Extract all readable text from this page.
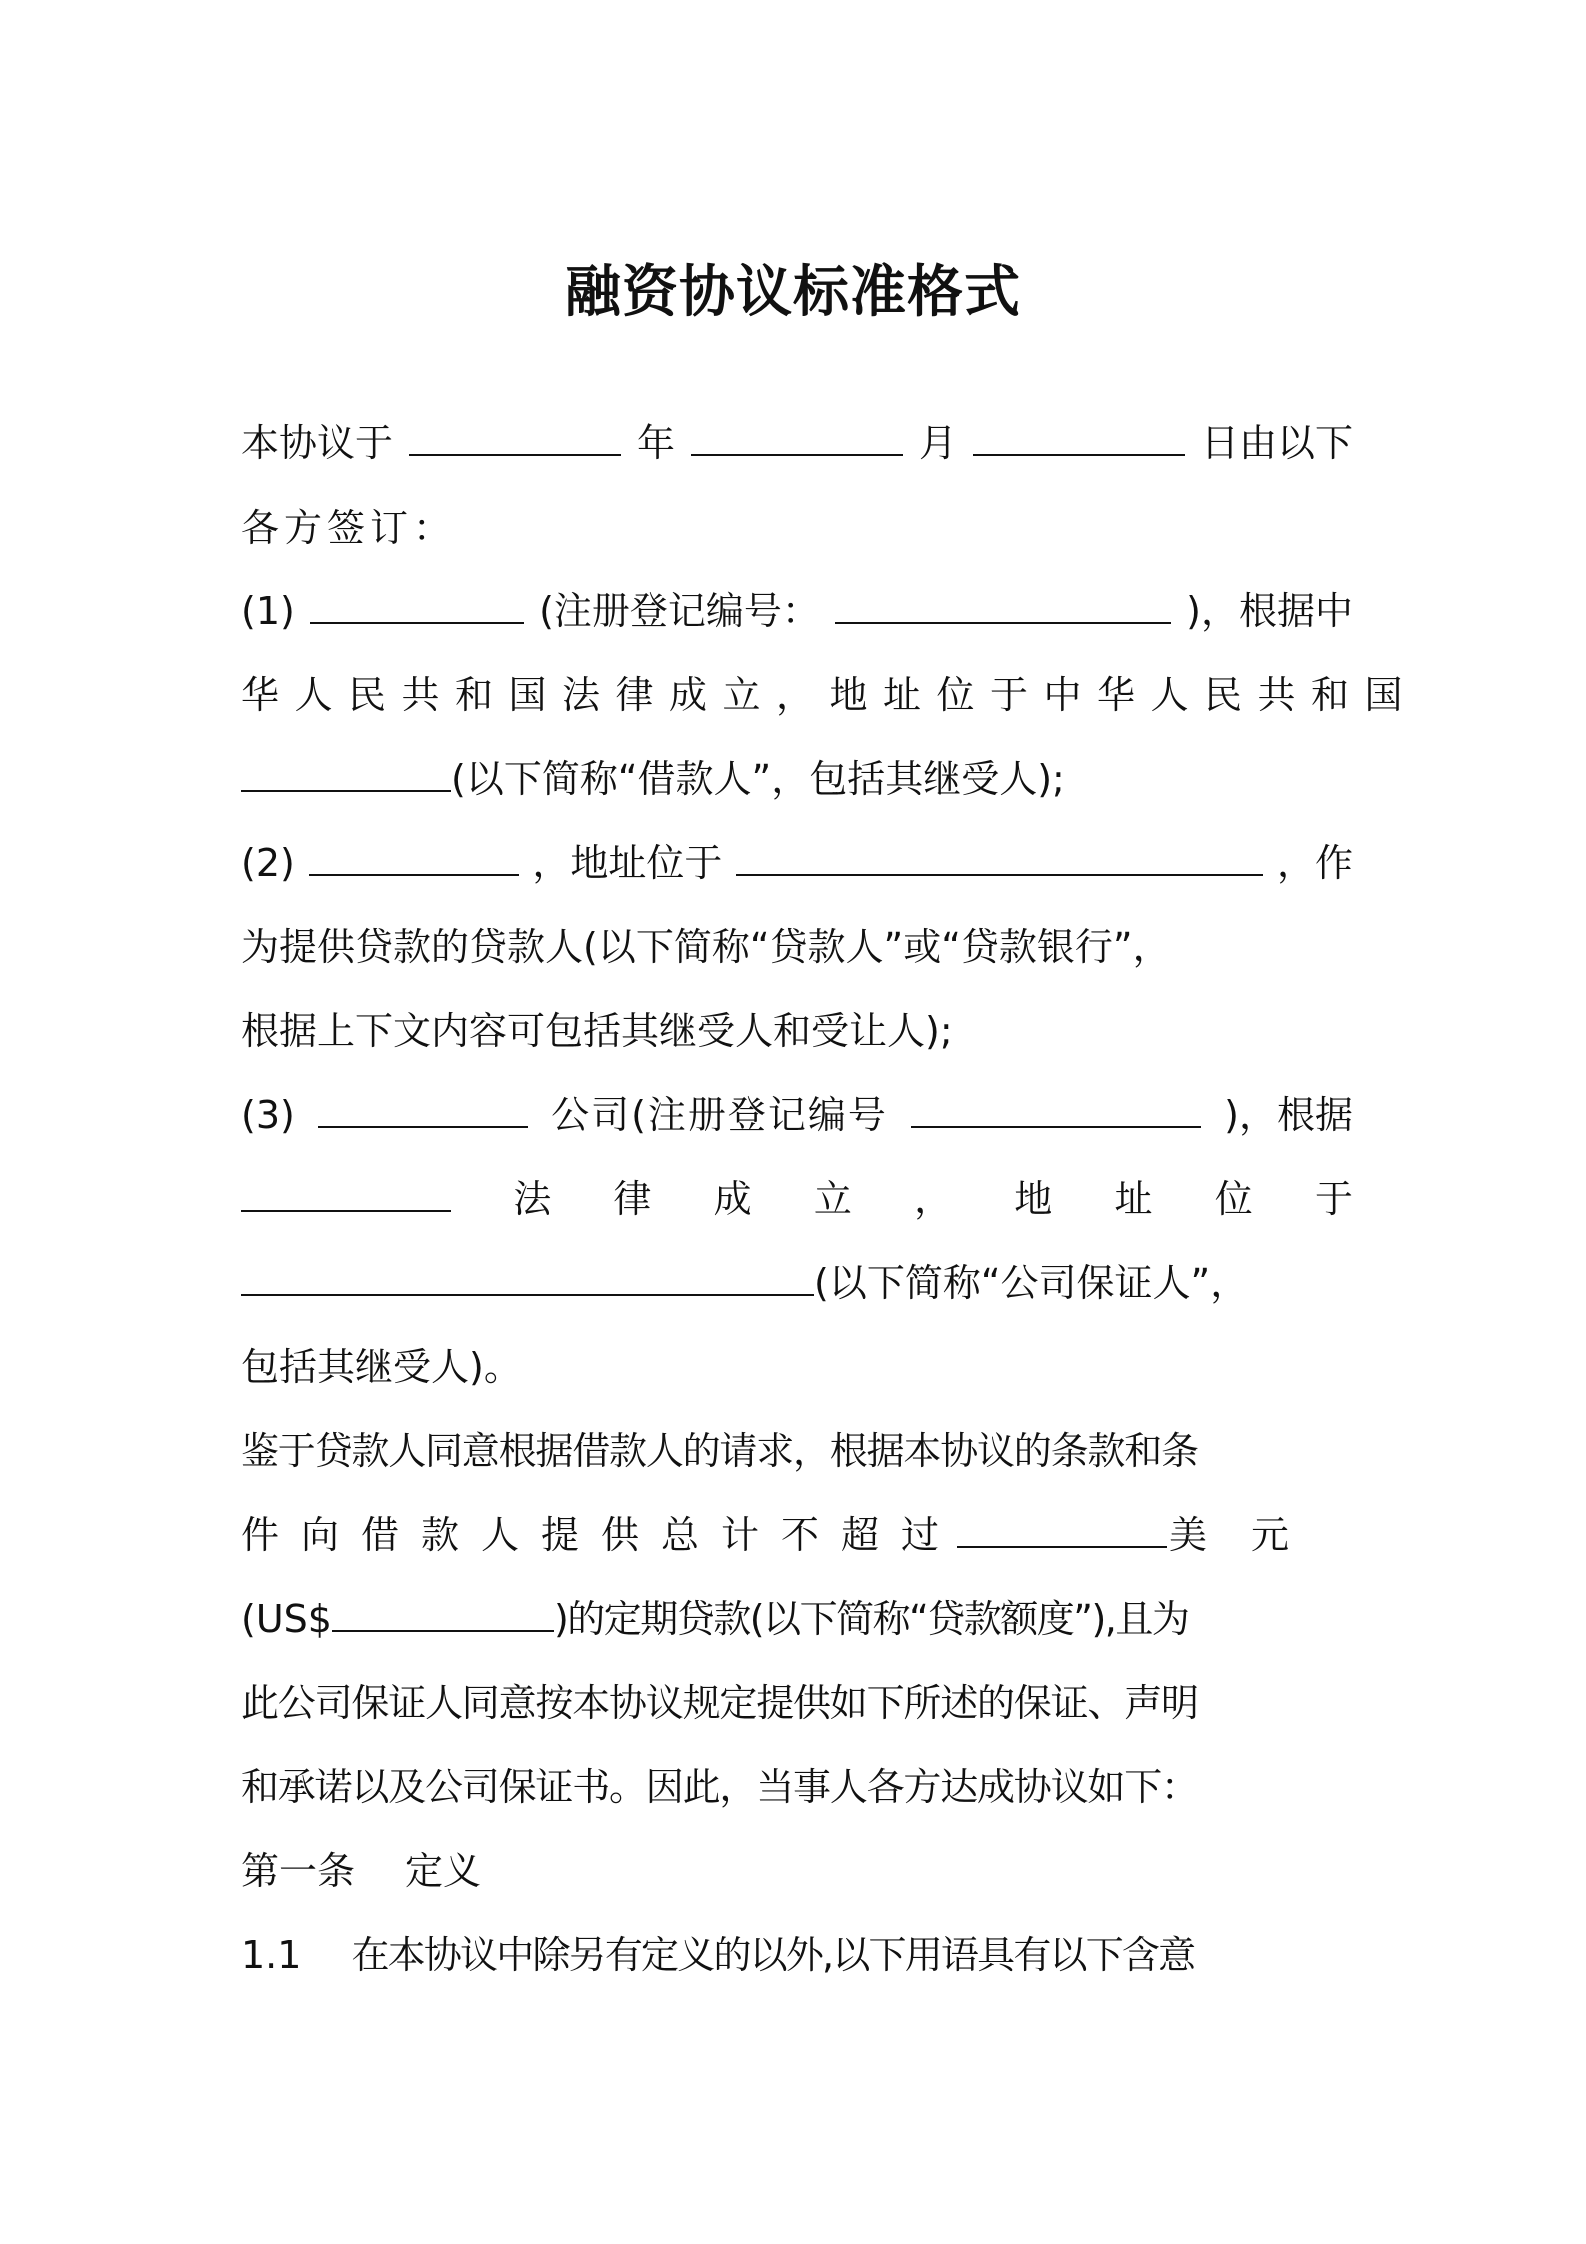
融资协议标准格式
本协议于	年	月	日由以下
各方签订：
(1)	(注册登记编号：	)，根据中
华人民共和国法律成立，地址位于中华人民共和国
(以下简称“借款人”，包括其继受人);
(2)	，地址位于	，作
为提供贷款的贷款人(以下简称“贷款人”或“贷款银行”，
根据上下文内容可包括其继受人和受让人);
(3)	公司(注册登记编号	)，根据
法 律 成 立 ， 地 址 位 于
(以下简称“公司保证人”，
包括其继受人)。
鉴于贷款人同意根据借款人的请求，根据本协议的条款和条
件向借款人提供总计不超过	美 元
(US$	)的定期贷款(以下简称“贷款额度”),且为
此公司保证人同意按本协议规定提供如下所述的保证、声明
和承诺以及公司保证书。因此，当事人各方达成协议如下：
第一条 定义
1.1 在本协议中除另有定义的以外,以下用语具有以下含意
